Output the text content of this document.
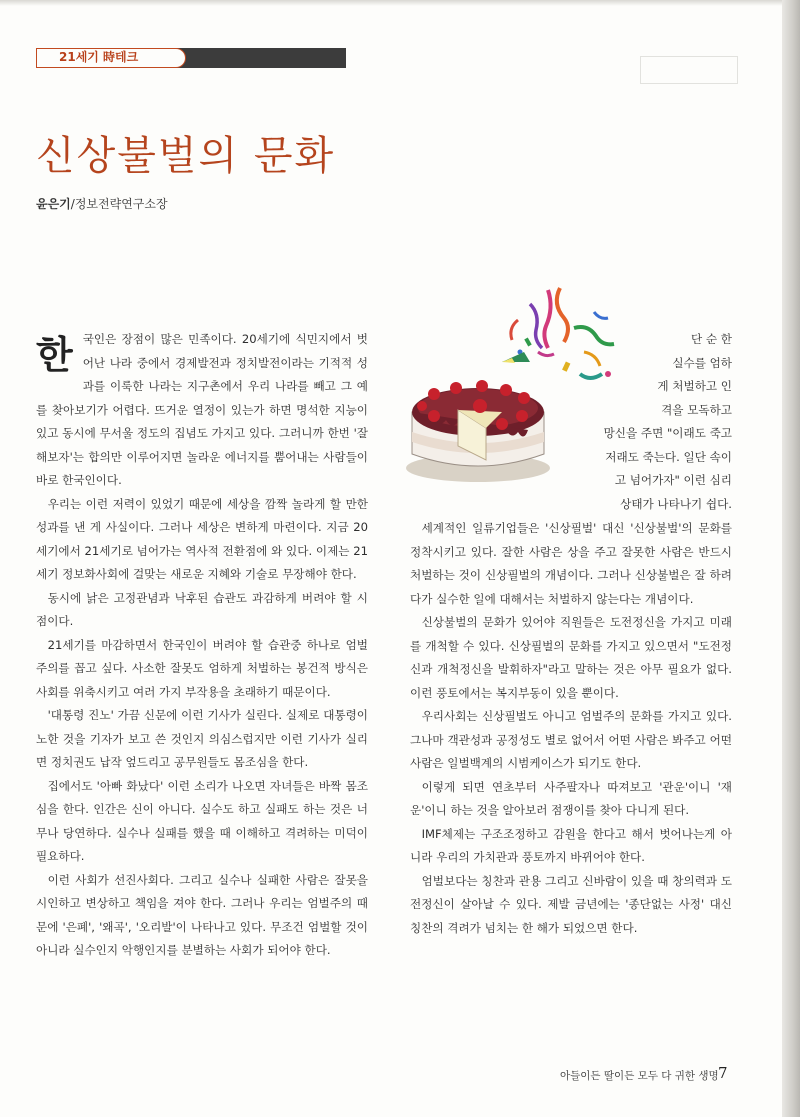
21세기 時테크
신상불벌의 문화
윤은기/정보전략연구소장
한 국인은 장점이 많은 민족이다. 20세기에 식민지에서 벗어난 나라 중에서 경제발전과 정치발전이라는 기적적 성과를 이룩한 나라는 지구촌에서 우리 나라를 빼고 그 예를 찾아보기가 어렵다. 뜨거운 열정이 있는가 하면 명석한 지능이 있고 동시에 무서울 정도의 집념도 가지고 있다. 그러니까 한번 '잘 해보자'는 합의만 이루어지면 놀라운 에너지를 뿜어내는 사람들이 바로 한국인이다.

우리는 이런 저력이 있었기 때문에 세상을 깜짝 놀라게 할 만한 성과를 낸 게 사실이다. 그러나 세상은 변하게 마련이다. 지금 20세기에서 21세기로 넘어가는 역사적 전환점에 와 있다. 이제는 21세기 정보화사회에 걸맞는 새로운 지혜와 기술로 무장해야 한다.

동시에 낡은 고정관념과 낙후된 습관도 과감하게 버려야 할 시점이다.

21세기를 마감하면서 한국인이 버려야 할 습관중 하나로 엄벌주의를 꼽고 싶다. 사소한 잘못도 엄하게 처벌하는 봉건적 방식은 사회를 위축시키고 여러 가지 부작용을 초래하기 때문이다.

'대통령 진노' 가끔 신문에 이런 기사가 실린다. 실제로 대통령이 노한 것을 기자가 보고 쓴 것인지 의심스럽지만 이런 기사가 실리면 정치권도 납작 엎드리고 공무원들도 몸조심을 한다.

집에서도 '아빠 화났다' 이런 소리가 나오면 자녀들은 바짝 몸조심을 한다. 인간은 신이 아니다. 실수도 하고 실패도 하는 것은 너무나 당연하다. 실수나 실패를 했을 때 이해하고 격려하는 미덕이 필요하다.

이런 사회가 선진사회다. 그리고 실수나 실패한 사람은 잘못을 시인하고 변상하고 책임을 져야 한다. 그러나 우리는 엄벌주의 때문에 '은폐', '왜곡', '오리발'이 나타나고 있다. 무조건 엄벌할 것이 아니라 실수인지 악행인지를 분별하는 사회가 되어야 한다.

단 순 한
실수를 엄하
게 처벌하고 인
격을 모독하고
망신을 주면 "이래도 죽고
저래도 죽는다. 일단 속이
고 넘어가자" 이런 심리
상태가 나타나기 쉽다.

세계적인 일류기업들은 '신상필벌' 대신 '신상불벌'의 문화를 정착시키고 있다. 잘한 사람은 상을 주고 잘못한 사람은 반드시 처벌하는 것이 신상필벌의 개념이다. 그러나 신상불벌은 잘 하려다가 실수한 일에 대해서는 처벌하지 않는다는 개념이다.

신상불벌의 문화가 있어야 직원들은 도전정신을 가지고 미래를 개척할 수 있다. 신상필벌의 문화를 가지고 있으면서 "도전정신과 개척정신을 발휘하자"라고 말하는 것은 아무 필요가 없다. 이런 풍토에서는 복지부동이 있을 뿐이다.

우리사회는 신상필벌도 아니고 엄벌주의 문화를 가지고 있다. 그나마 객관성과 공정성도 별로 없어서 어떤 사람은 봐주고 어떤 사람은 일벌백계의 시범케이스가 되기도 한다.

이렇게 되면 연초부터 사주팔자나 따져보고 '관운'이니 '재운'이니 하는 것을 알아보러 점쟁이를 찾아 다니게 된다.

IMF체제는 구조조정하고 감원을 한다고 해서 벗어나는게 아니라 우리의 가치관과 풍토까지 바뀌어야 한다.

엄벌보다는 칭찬과 관용 그리고 신바람이 있을 때 창의력과 도전정신이 살아날 수 있다. 제발 금년에는 '종단없는 사정' 대신 칭찬의 격려가 넘치는 한 해가 되었으면 한다.

아들이든 딸이든 모두 다 귀한 생명 7
